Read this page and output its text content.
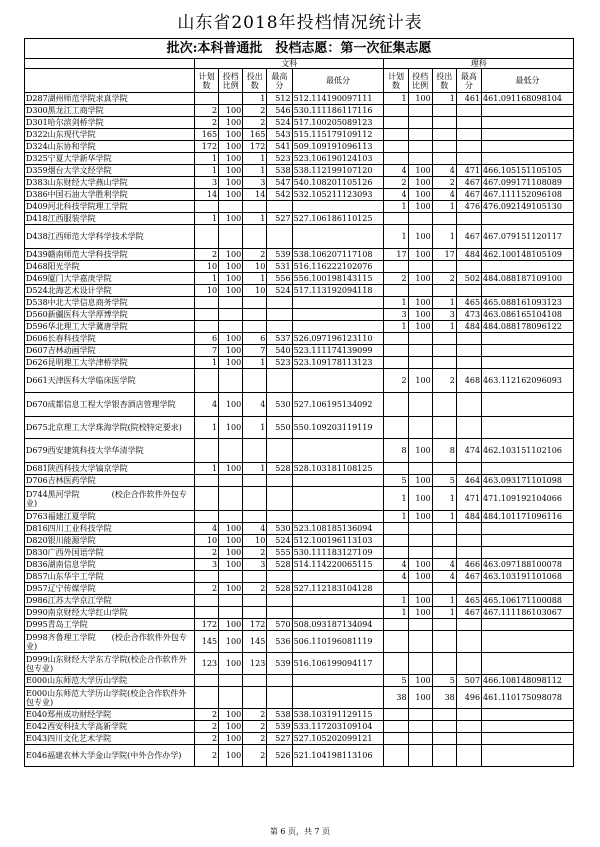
山东省2018年投档情况统计表
批次:本科普通批　投档志愿：第一次征集志愿
	文科					理科				
	计划数	投档比例	投出数	最高分	最低分	计划数	投档比例	投出数	最高分	最低分
D287湖州师范学院求真学院			1	512	512.114190097111	1	100	1	461	461.091168098104
D300黑龙江工商学院	2	100	2	546	530.111186117116					
D301哈尔滨剑桥学院	2	100	2	524	517.100205089123					
D322山东现代学院	165	100	165	543	515.115179109112					
D324山东协和学院	172	100	172	541	509.109191096113					
D325宁夏大学新华学院	1	100	1	523	523.106190124103					
D359烟台大学文经学院	1	100	1	538	538.112199107120	4	100	4	471	466.105151105105
D383山东财经大学燕山学院	3	100	3	547	540.108201105126	2	100	2	467	467.099171108089
D386中国石油大学胜利学院	14	100	14	542	532.105211123093	4	100	4	467	467.111152096108
D409河北科技学院理工学院						1	100	1	476	476.092149105130
D418江西服装学院	1	100	1	527	527.106186110125					
D438江西师范大学科学技术学院						1	100	1	467	467.079151120117
D439赣南师范大学科技学院	2	100	2	539	538.106207117108	17	100	17	484	462.100148105109
D468阳光学院	10	100	10	531	516.116222102076					
D469厦门大学嘉庚学院	1	100	1	556	556.100198143115	2	100	2	502	484.088187109100
D524北海艺术设计学院	10	100	10	524	517.113192094118					
D538中北大学信息商务学院						1	100	1	465	465.088161093123
D560新疆医科大学厚博学院						3	100	3	473	463.086165104108
D596华北理工大学冀唐学院						1	100	1	484	484.088178096122
D606长春科技学院	6	100	6	537	526.097196123110					
D607吉林动画学院	7	100	7	540	523.111174139099					
D626昆明理工大学津桥学院	1	100	1	523	523.109178113123					
D661天津医科大学临床医学院						2	100	2	468	463.112162096093
D670成都信息工程大学银杏酒店管理学院	4	100	4	530	527.106195134092					
D675北京理工大学珠海学院(院校特定要求)	1	100	1	550	550.109203119119					
D679西安建筑科技大学华清学院						8	100	8	474	462.103151102106
D681陕西科技大学镐京学院	1	100	1	528	528.103181108125					
D706吉林医药学院						5	100	5	464	463.093171101098
D744黑河学院　　　　(校企合作软件外包专业)						1	100	1	471	471.109192104066
D763福建江夏学院						1	100	1	484	484.101171096116
D816四川工业科技学院	4	100	4	530	523.108185136094					
D820银川能源学院	10	100	10	524	512.100196113103					
D830广西外国语学院	2	100	2	555	530.111183127109					
D836湖南信息学院	3	100	3	528	514.114220065115	4	100	4	466	463.097188100078
D857山东华宇工学院						4	100	4	467	463.103191101068
D957辽宁传媒学院	2	100	2	528	527.112183104128					
D986江苏大学京江学院						1	100	1	465	465.106171100088
D990南京财经大学红山学院						1	100	1	467	467.111186103067
D995青岛工学院	172	100	172	570	508.093187134094					
D998齐鲁理工学院　　(校企合作软件外包专业)	145	100	145	536	506.110196081119					
D999山东财经大学东方学院(校企合作软件外包专业)	123	100	123	539	516.106199094117					
E000山东师范大学历山学院						5	100	5	507	466.108148098112
E000山东师范大学历山学院(校企合作软件外包专业)						38	100	38	496	461.110175098078
E040郑州成功财经学院	2	100	2	538	538.103191129115					
E042西安科技大学高新学院	2	100	2	539	533.117203109104					
E043四川文化艺术学院	2	100	2	527	527.105202099121					
E046福建农林大学金山学院(中外合作办学)	2	100	2	526	521.104198113106					
第 6 页，共 7 页
